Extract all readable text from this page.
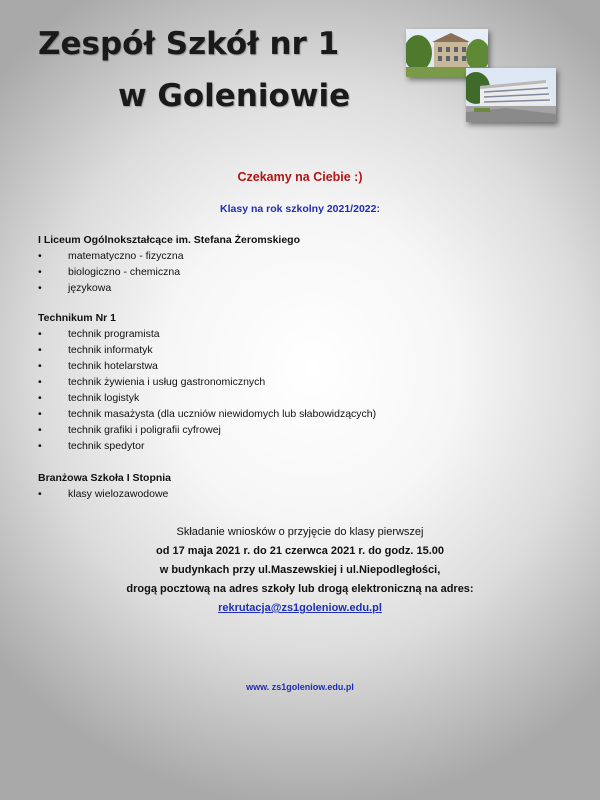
Zespół Szkół nr 1
w Goleniowie
Czekamy na Ciebie :)
Klasy na rok szkolny 2021/2022:
I Liceum Ogólnokształcące im. Stefana Żeromskiego
•	matematyczno - fizyczna
•	biologiczno - chemiczna
•	językowa
Technikum Nr 1
•	technik programista
•	technik informatyk
•	technik hotelarstwa
•	technik żywienia i usług gastronomicznych
•	technik logistyk
•	technik masażysta (dla uczniów niewidomych lub słabowidzących)
•	technik grafiki i poligrafii cyfrowej
•	technik spedytor
Branżowa Szkoła I Stopnia
•	klasy wielozawodowe
Składanie wniosków o przyjęcie do klasy pierwszej
od 17 maja 2021 r. do 21 czerwca 2021 r. do godz. 15.00
w budynkach przy ul.Maszewskiej i ul.Niepodległości,
drogą pocztową na adres szkoły lub drogą elektroniczną na adres:
rekrutacja@zs1goleniow.edu.pl
www. zs1goleniow.edu.pl
